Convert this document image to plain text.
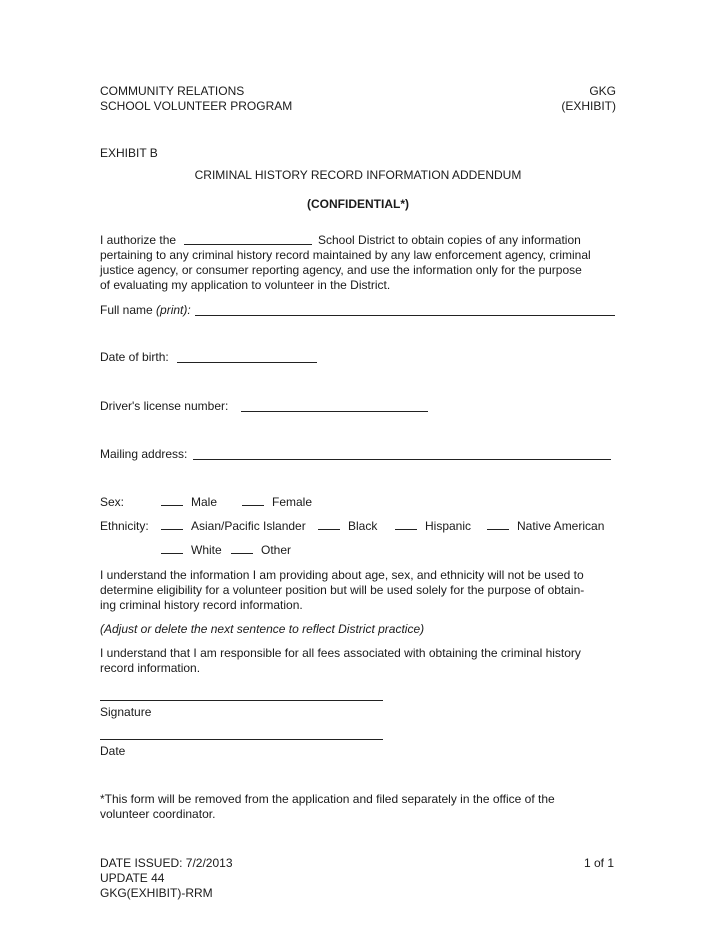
COMMUNITY RELATIONS
SCHOOL VOLUNTEER PROGRAM
GKG
(EXHIBIT)
EXHIBIT B
CRIMINAL HISTORY RECORD INFORMATION ADDENDUM
(CONFIDENTIAL*)
I authorize the	School District to obtain copies of any information
pertaining to any criminal history record maintained by any law enforcement agency, criminal
justice agency, or consumer reporting agency, and use the information only for the purpose
of evaluating my application to volunteer in the District.
Full name (print):
Date of birth:
Driver's license number:
Mailing address:
Sex:	Male	Female
Ethnicity:	Asian/Pacific Islander	Black	Hispanic	Native American
White	Other
I understand the information I am providing about age, sex, and ethnicity will not be used to
determine eligibility for a volunteer position but will be used solely for the purpose of obtain-
ing criminal history record information.
(Adjust or delete the next sentence to reflect District practice)
I understand that I am responsible for all fees associated with obtaining the criminal history
record information.
Signature
Date
*This form will be removed from the application and filed separately in the office of the
volunteer coordinator.
DATE ISSUED: 7/2/2013
UPDATE 44
GKG(EXHIBIT)-RRM
1 of 1
